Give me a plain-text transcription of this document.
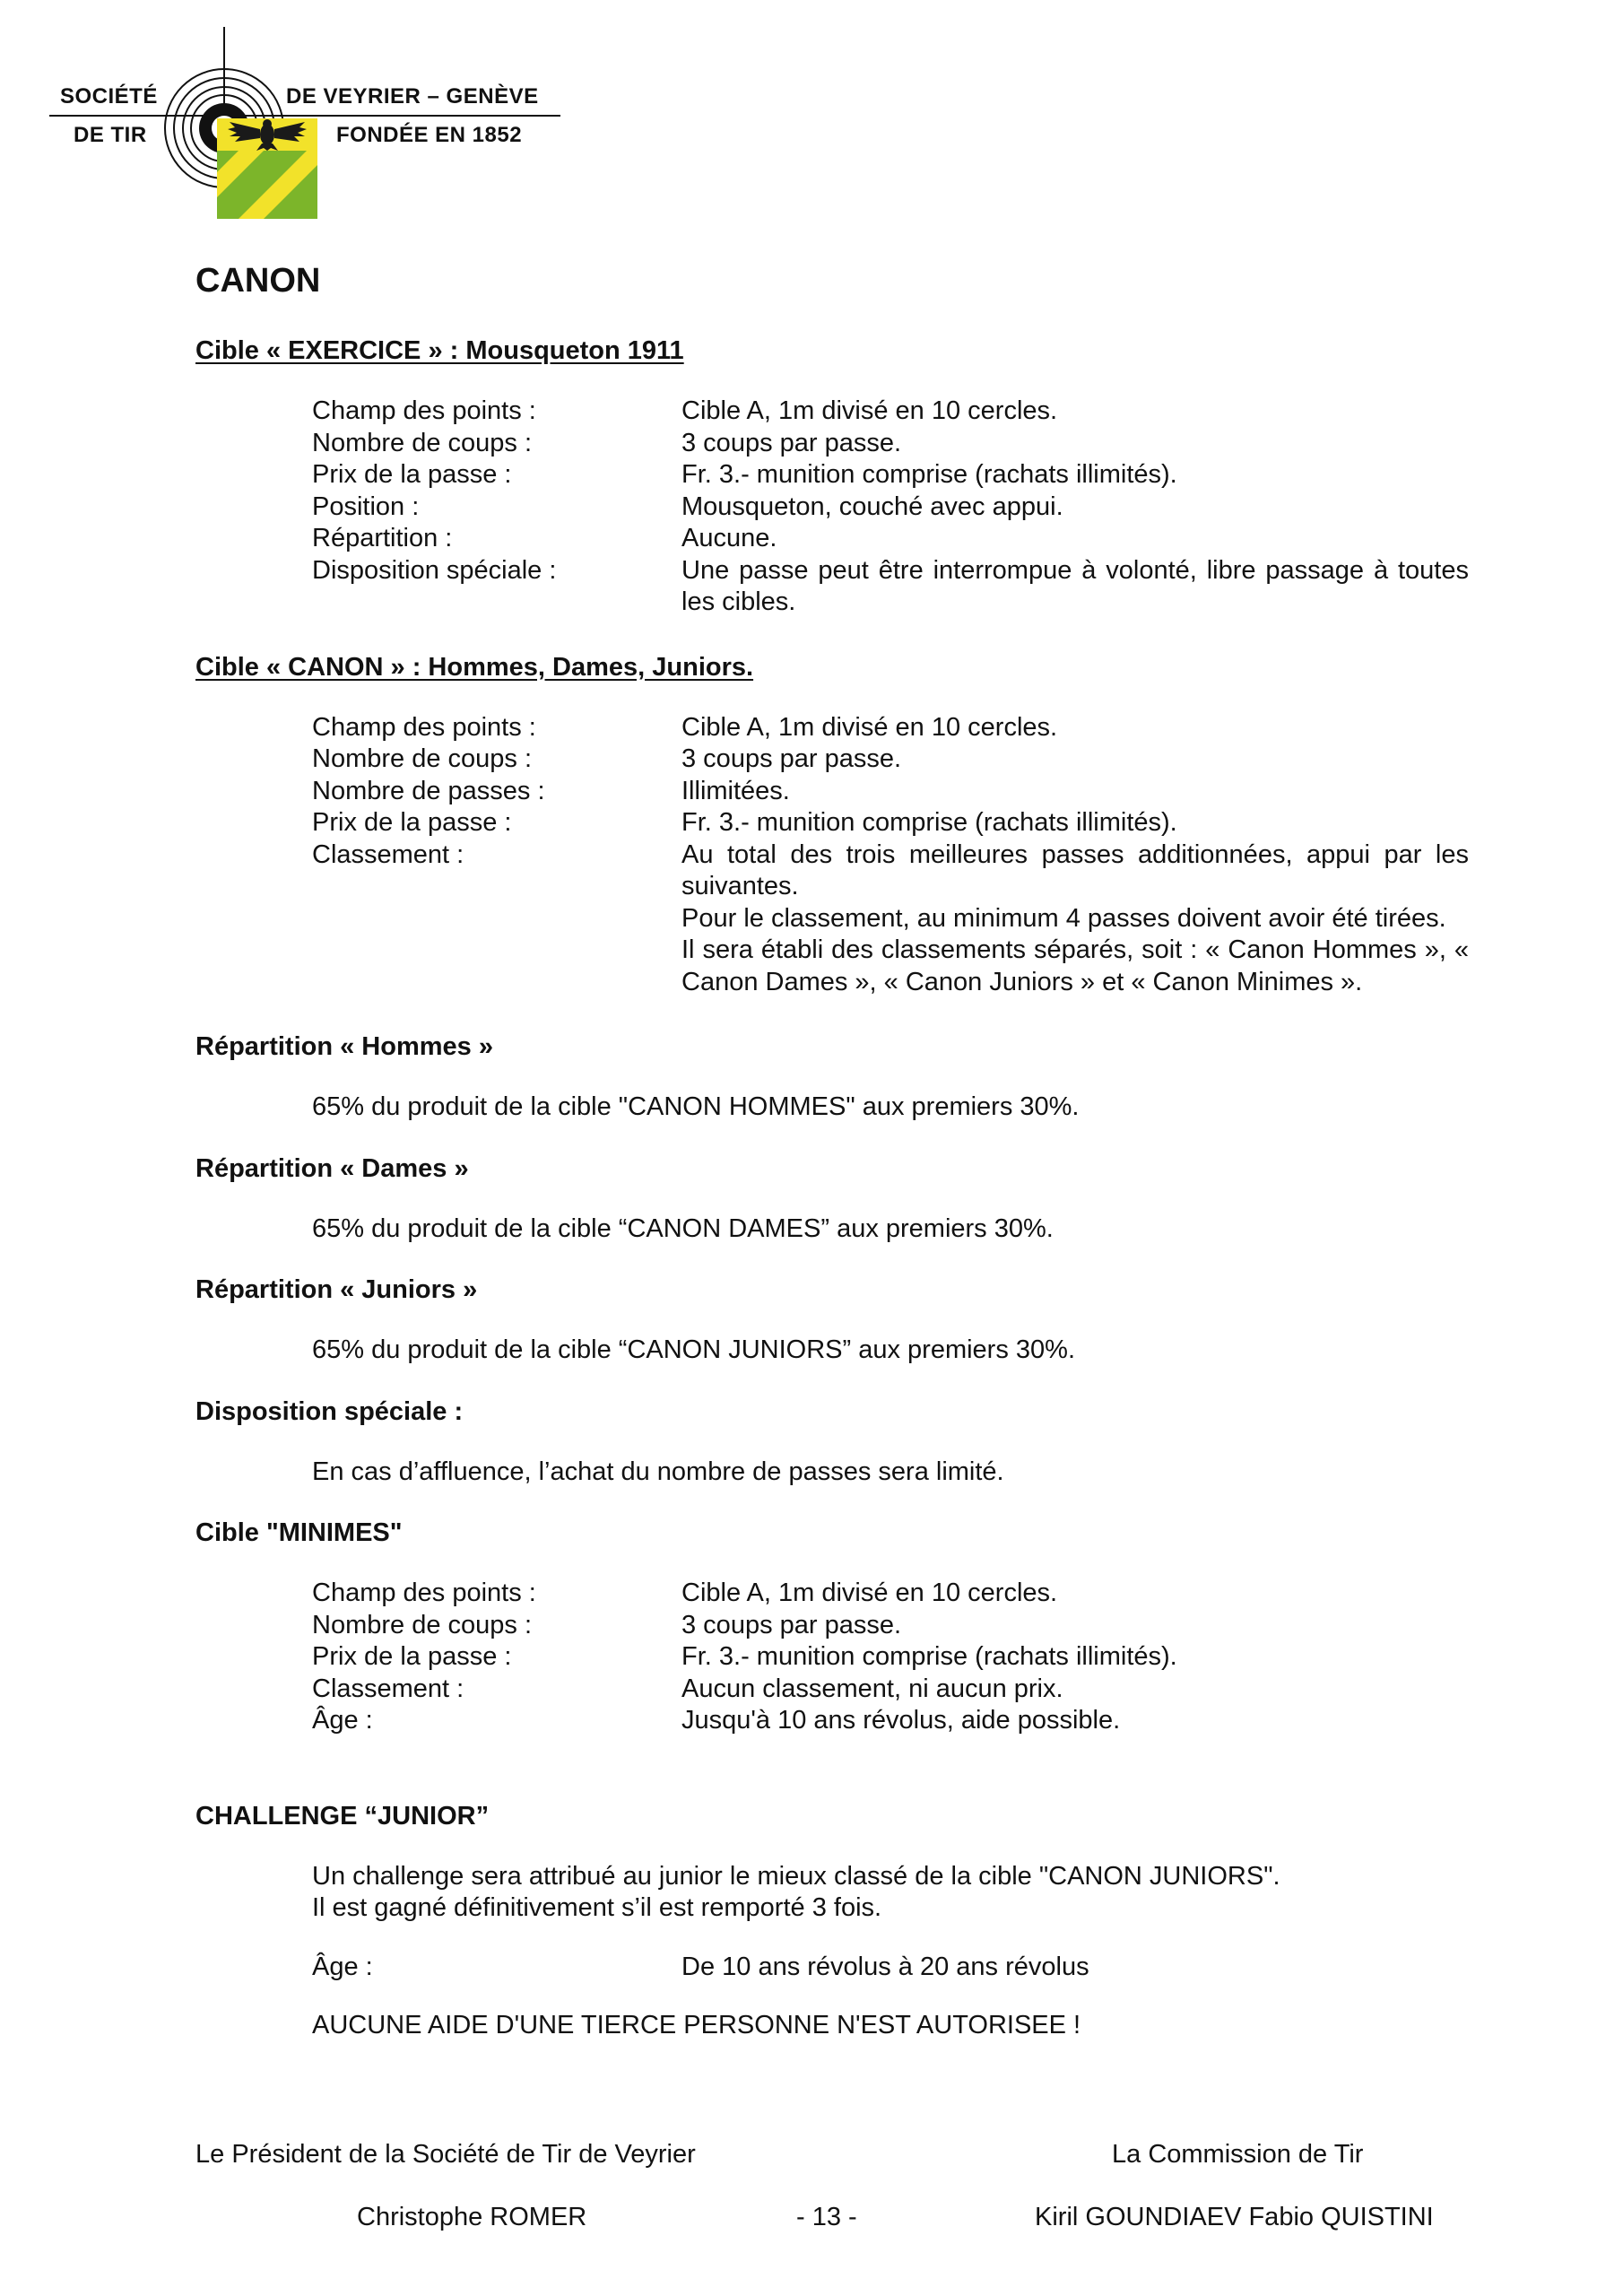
SOCIÉTÉ
DE TIR
DE VEYRIER – GENÈVE
FONDÉE EN 1852
CANON
Cible « EXERCICE » : Mousqueton 1911
Champ des points :	Cible A, 1m divisé en 10 cercles.
Nombre de coups :	3 coups par passe.
Prix de la passe :	Fr. 3.- munition comprise (rachats illimités).
Position :	Mousqueton, couché avec appui.
Répartition :	Aucune.
Disposition spéciale :	Une passe peut être interrompue à volonté, libre passage à toutes les cibles.
Cible « CANON » : Hommes, Dames, Juniors.
Champ des points :	Cible A, 1m divisé en 10 cercles.
Nombre de coups :	3 coups par passe.
Nombre de passes :	Illimitées.
Prix de la passe :	Fr. 3.- munition comprise (rachats illimités).
Classement :	Au total des trois meilleures passes additionnées, appui par les suivantes.
Pour le classement, au minimum 4 passes doivent avoir été tirées.
Il sera établi des classements séparés, soit : « Canon Hommes », « Canon Dames », « Canon Juniors » et « Canon Minimes ».
Répartition « Hommes »
65% du produit de la cible "CANON HOMMES" aux premiers 30%.
Répartition « Dames »
65% du produit de la cible “CANON DAMES” aux premiers 30%.
Répartition « Juniors »
65% du produit de la cible “CANON JUNIORS” aux premiers 30%.
Disposition spéciale :
En cas d’affluence, l’achat du nombre de passes sera limité.
Cible "MINIMES"
Champ des points :	Cible A, 1m divisé en 10 cercles.
Nombre de coups :	3 coups par passe.
Prix de la passe :	Fr. 3.- munition comprise (rachats illimités).
Classement :	Aucun classement, ni aucun prix.
Âge :	Jusqu'à 10 ans révolus, aide possible.
CHALLENGE “JUNIOR”
Un challenge sera attribué au junior le mieux classé de la cible "CANON JUNIORS".
Il est gagné définitivement s’il est remporté 3 fois.
Âge :	De 10 ans révolus à 20 ans révolus
AUCUNE AIDE D'UNE TIERCE PERSONNE N'EST AUTORISEE !
Le Président de la Société de Tir de Veyrier	La Commission de Tir
Christophe ROMER	- 13 -	Kiril GOUNDIAEV Fabio QUISTINI
